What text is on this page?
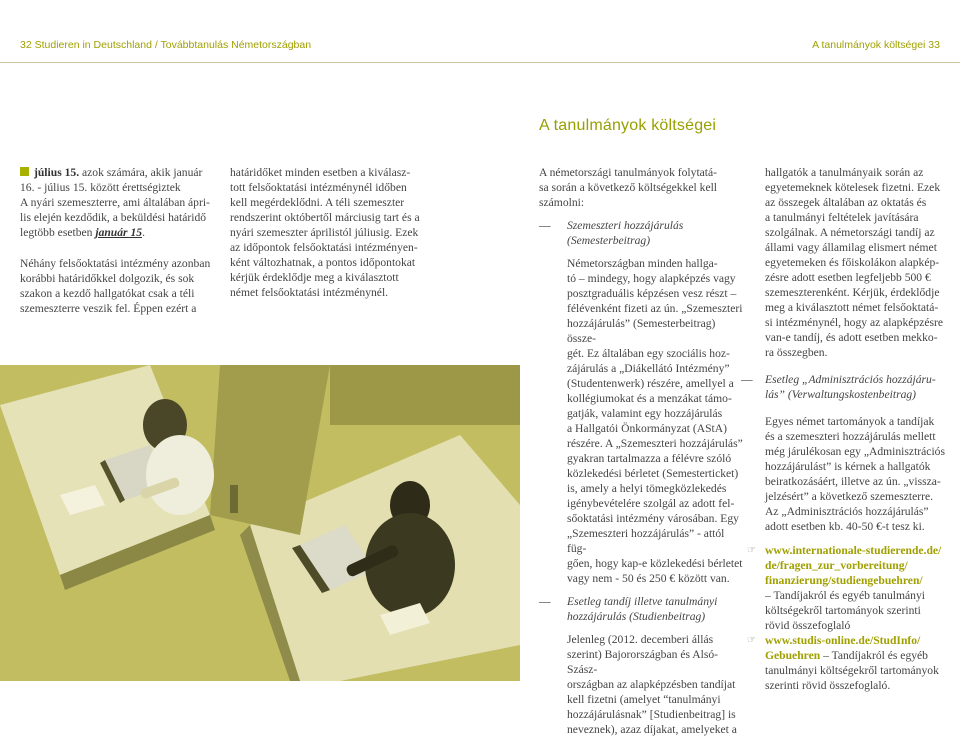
32 Studieren in Deutschland / Továbbtanulás Németországban	A tanulmányok költségei 33
A tanulmányok költségei

július 15. azok számára, akik január

16. - július 15. között érettségiztek

A nyári szemeszterre, ami általában ápri-

lis elején kezdődik, a beküldési határidő

legtöbb esetben január 15.

Néhány felsőoktatási intézmény azonban

korábbi határidőkkel dolgozik, és sok

szakon a kezdő hallgatókat csak a téli

szemeszterre veszik fel. Éppen ezért a

határidőket minden esetben a kiválasz-

tott felsőoktatási intézménynél időben

kell megérdeklődni. A téli szemeszter

rendszerint októbertől márciusig tart és a

nyári szemeszter áprilistól júliusig. Ezek

az időpontok felsőoktatási intézményen-

ként változhatnak, a pontos időpontokat

kérjük érdeklődje meg a kiválasztott

német felsőoktatási intézménynél.

A németországi tanulmányok folytatá-

sa során a következő költségekkel kell

számolni:

— Szemeszteri hozzájárulás

(Semesterbeitrag)

Németországban minden hallga-

tó – mindegy, hogy alapképzés vagy

posztgraduális képzésen vesz részt –

félévenként fizeti az ún. „Szemeszteri

hozzájárulás” (Semesterbeitrag) össze-

gét. Ez általában egy szociális hoz-

zájárulás a „Diákellátó Intézmény”

(Studentenwerk) részére, amellyel a

kollégiumokat és a menzákat támo-

gatják, valamint egy hozzájárulás

a Hallgatói Önkormányzat (AStA)

részére. A „Szemeszteri hozzájárulás”

gyakran tartalmazza a félévre szóló

közlekedési bérletet (Semesterticket)

is, amely a helyi tömegközlekedés

igénybevételére szolgál az adott fel-

sőoktatási intézmény városában. Egy

„Szemeszteri hozzájárulás” - attól füg-

gően, hogy kap-e közlekedési bérletet

vagy nem - 50 és 250 € között van.

— Esetleg tandíj illetve tanulmányi

hozzájárulás (Studienbeitrag)

Jelenleg (2012. decemberi állás

szerint) Bajorországban és Alsó-Szász-

országban az alapképzésben tandíjat

kell fizetni (amelyet “tanulmányi

hozzájárulásnak” [Studienbeitrag] is

neveznek), azaz díjakat, amelyeket a

hallgatók a tanulmányaik során az

egyetemeknek kötelesek fizetni. Ezek

az összegek általában az oktatás és

a tanulmányi feltételek javítására

szolgálnak. A németországi tandíj az

állami vagy államilag elismert német

egyetemeken és főiskolákon alapkép-

zésre adott esetben legfeljebb 500 €

szemeszterenként. Kérjük, érdeklődje

meg a kiválasztott német felsőoktatá-

si intézménynél, hogy az alapképzésre

van-e tandíj, és adott esetben mekko-

ra összegben.

— Esetleg „Adminisztrációs hozzájáru-

lás” (Verwaltungskostenbeitrag)

Egyes német tartományok a tandíjak

és a szemeszteri hozzájárulás mellett

még járulékosan egy „Adminisztrációs

hozzájárulást” is kérnek a hallgatók

beiratkozásáért, illetve az ún. „vissza-

jelzésért” a következő szemeszterre.

Az „Adminisztrációs hozzájárulás”

adott esetben kb. 40-50 €-t tesz ki.

☞ www.internationale-studierende.de/

de/fragen_zur_vorbereitung/

finanzierung/studiengebuehren/

– Tandíjakról és egyéb tanulmányi

költségekről tartományok szerinti

rövid összefoglaló

☞ www.studis-online.de/StudInfo/

Gebuehren – Tandíjakról és egyéb

tanulmányi költségekről tartományok

szerinti rövid összefoglaló.
